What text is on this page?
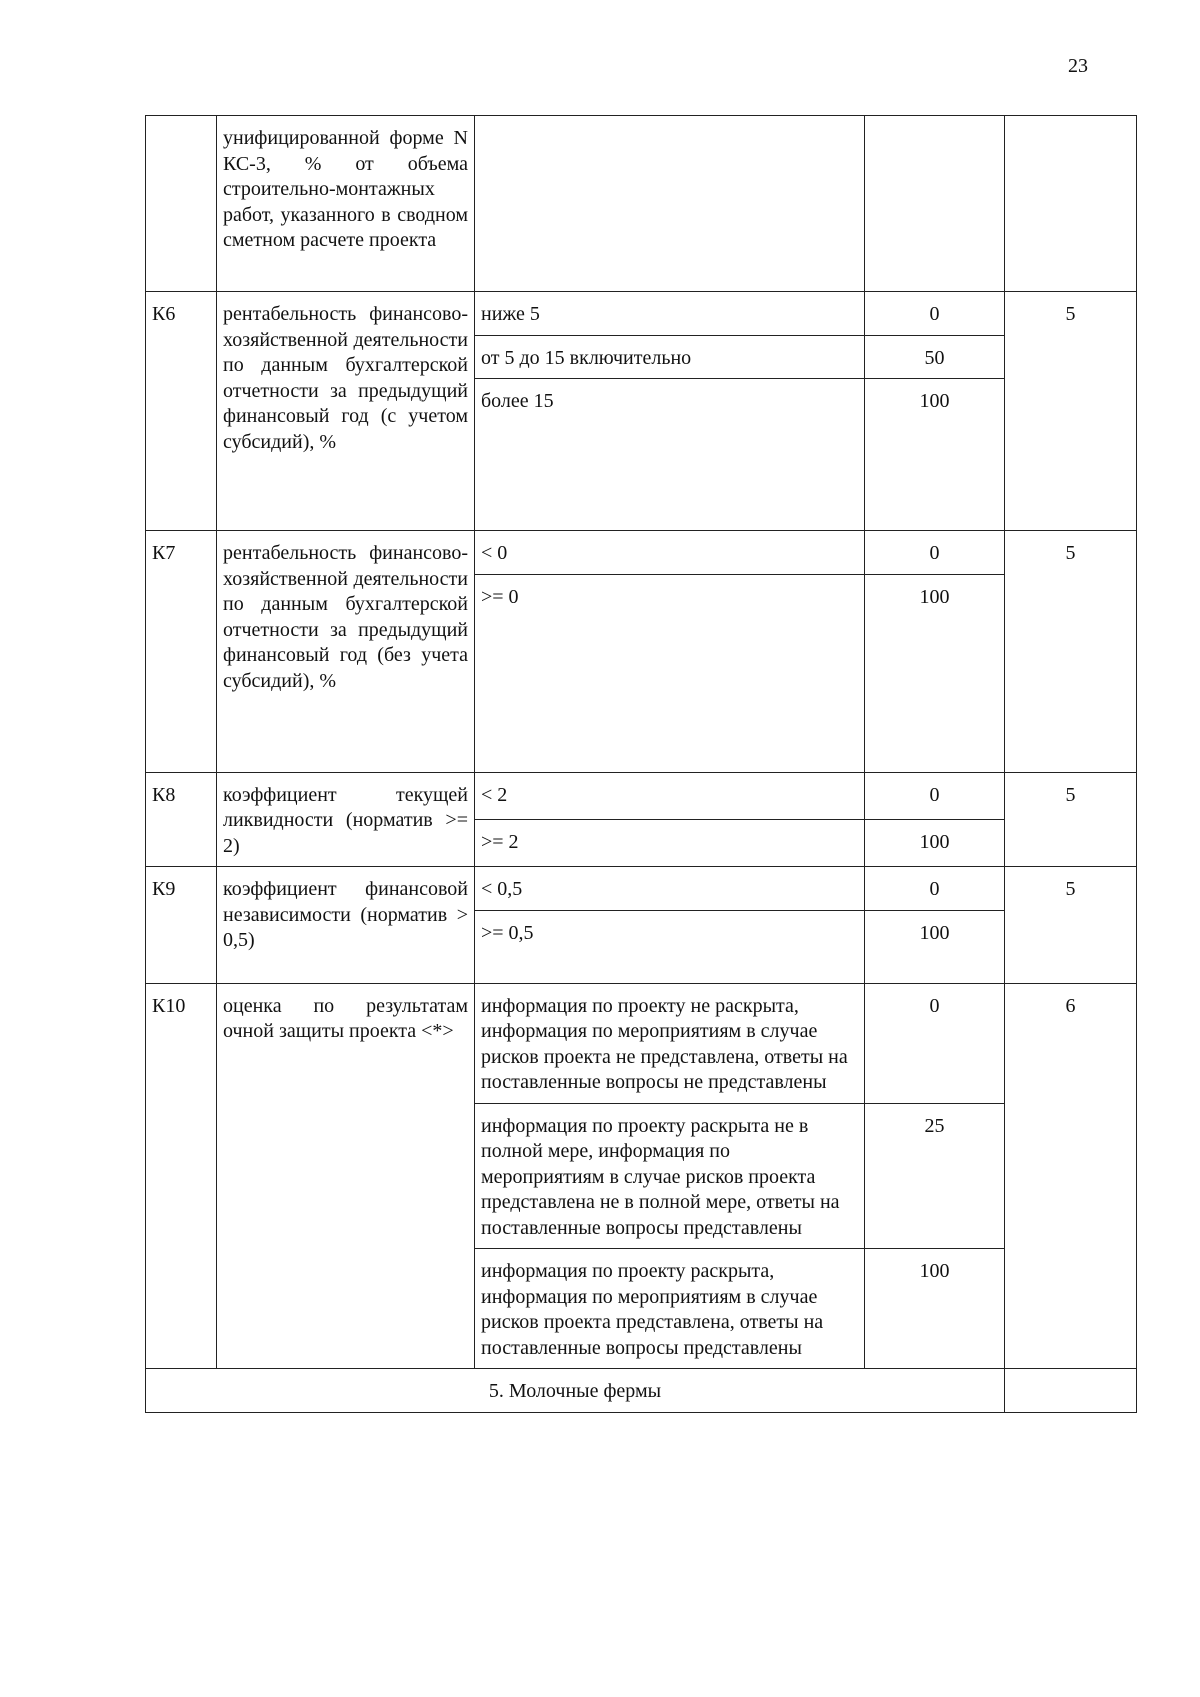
23
	унифицированной форме N КС-3, % от объема строительно-монтажных работ, указанного в сводном сметном расчете проекта			
К6	рентабельность финансово-хозяйственной деятельности по данным бухгалтерской отчетности за предыдущий финансовый год (с учетом субсидий), %	ниже 5	0	5
		от 5 до 15 включительно	50	
		более 15	100	
К7	рентабельность финансово-хозяйственной деятельности по данным бухгалтерской отчетности за предыдущий финансовый год (без учета субсидий), %	< 0	0	5
		>= 0	100	
К8	коэффициент текущей ликвидности (норматив >= 2)	< 2	0	5
		>= 2	100	
К9	коэффициент финансовой независимости (норматив > 0,5)	< 0,5	0	5
		>= 0,5	100	
К10	оценка по результатам очной защиты проекта <*>	информация по проекту не раскрыта, информация по мероприятиям в случае рисков проекта не представлена, ответы на поставленные вопросы не представлены	0	6
		информация по проекту раскрыта не в полной мере, информация по мероприятиям в случае рисков проекта представлена не в полной мере, ответы на поставленные вопросы представлены	25	
		информация по проекту раскрыта, информация по мероприятиям в случае рисков проекта представлена, ответы на поставленные вопросы представлены	100	
5. Молочные фермы				
